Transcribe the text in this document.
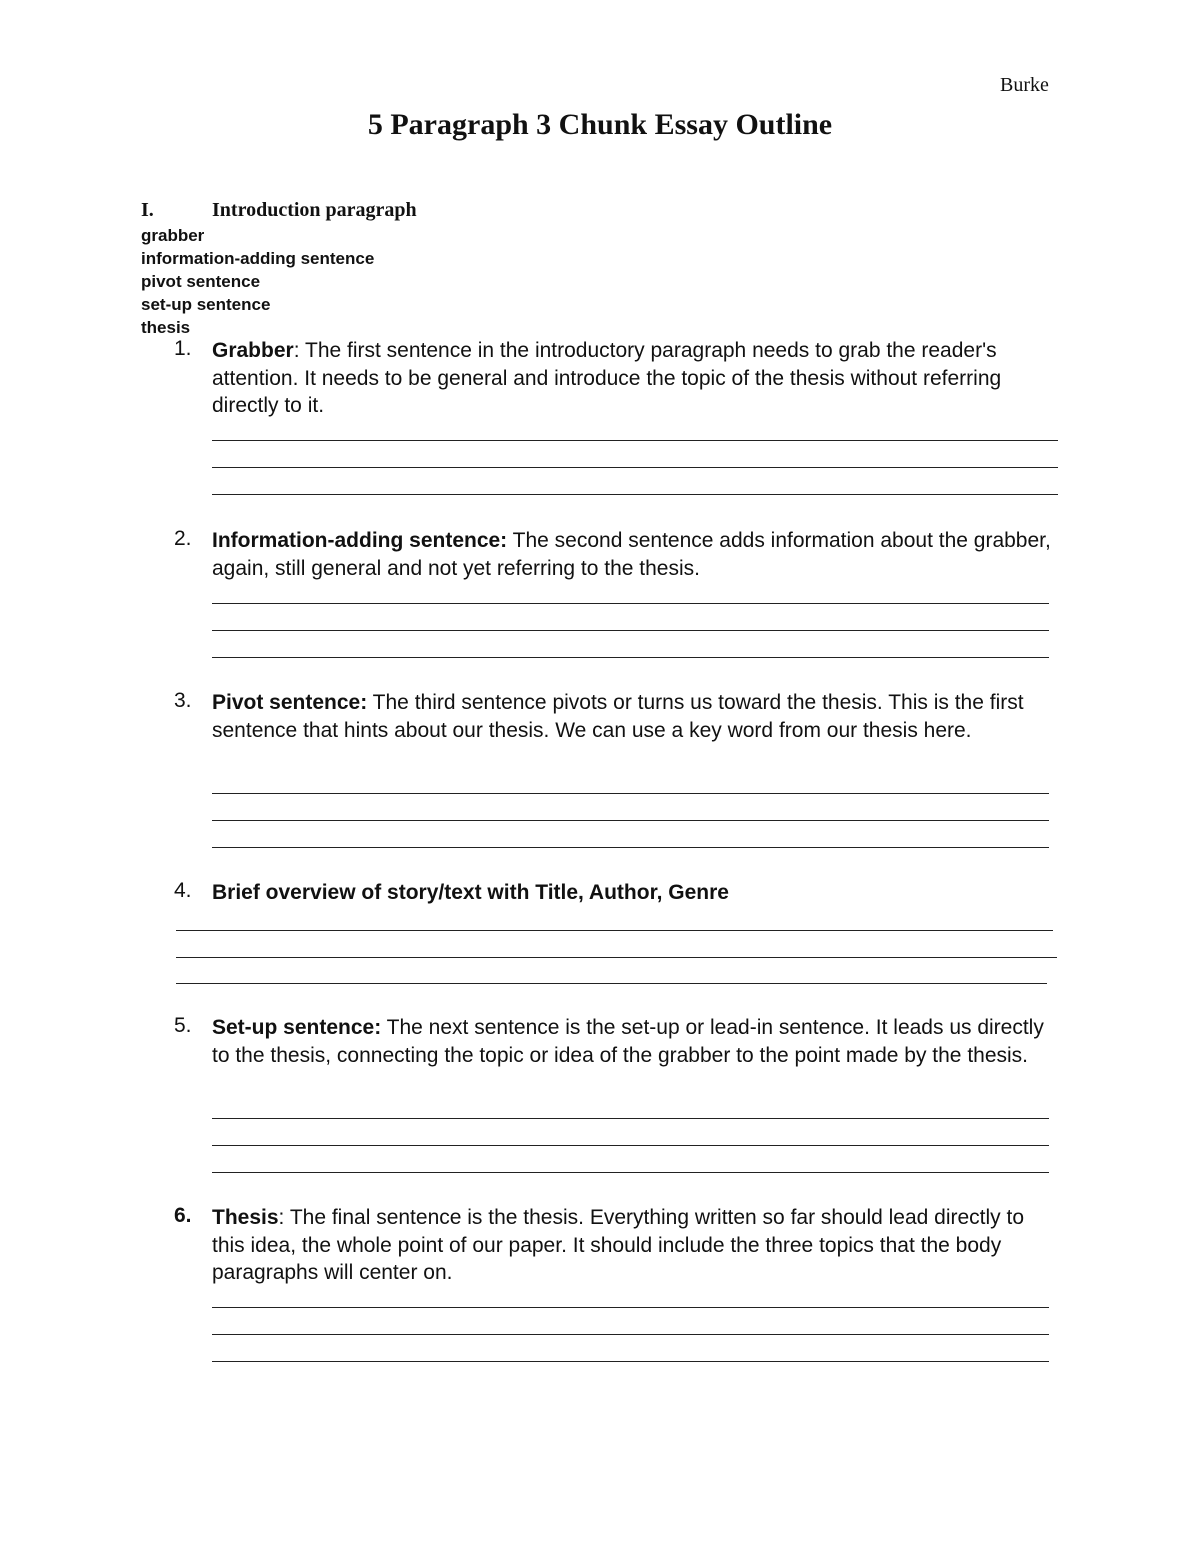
Burke
5 Paragraph 3 Chunk Essay Outline
I.	Introduction paragraph
grabber
information-adding sentence
pivot sentence
set-up sentence
thesis
1. Grabber: The first sentence in the introductory paragraph needs to grab the reader's attention. It needs to be general and introduce the topic of the thesis without referring directly to it.
2. Information-adding sentence: The second sentence adds information about the grabber, again, still general and not yet referring to the thesis.
3. Pivot sentence: The third sentence pivots or turns us toward the thesis. This is the first sentence that hints about our thesis. We can use a key word from our thesis here.
4. Brief overview of story/text with Title, Author, Genre
5. Set-up sentence: The next sentence is the set-up or lead-in sentence. It leads us directly to the thesis, connecting the topic or idea of the grabber to the point made by the thesis.
6. Thesis: The final sentence is the thesis. Everything written so far should lead directly to this idea, the whole point of our paper. It should include the three topics that the body paragraphs will center on.
